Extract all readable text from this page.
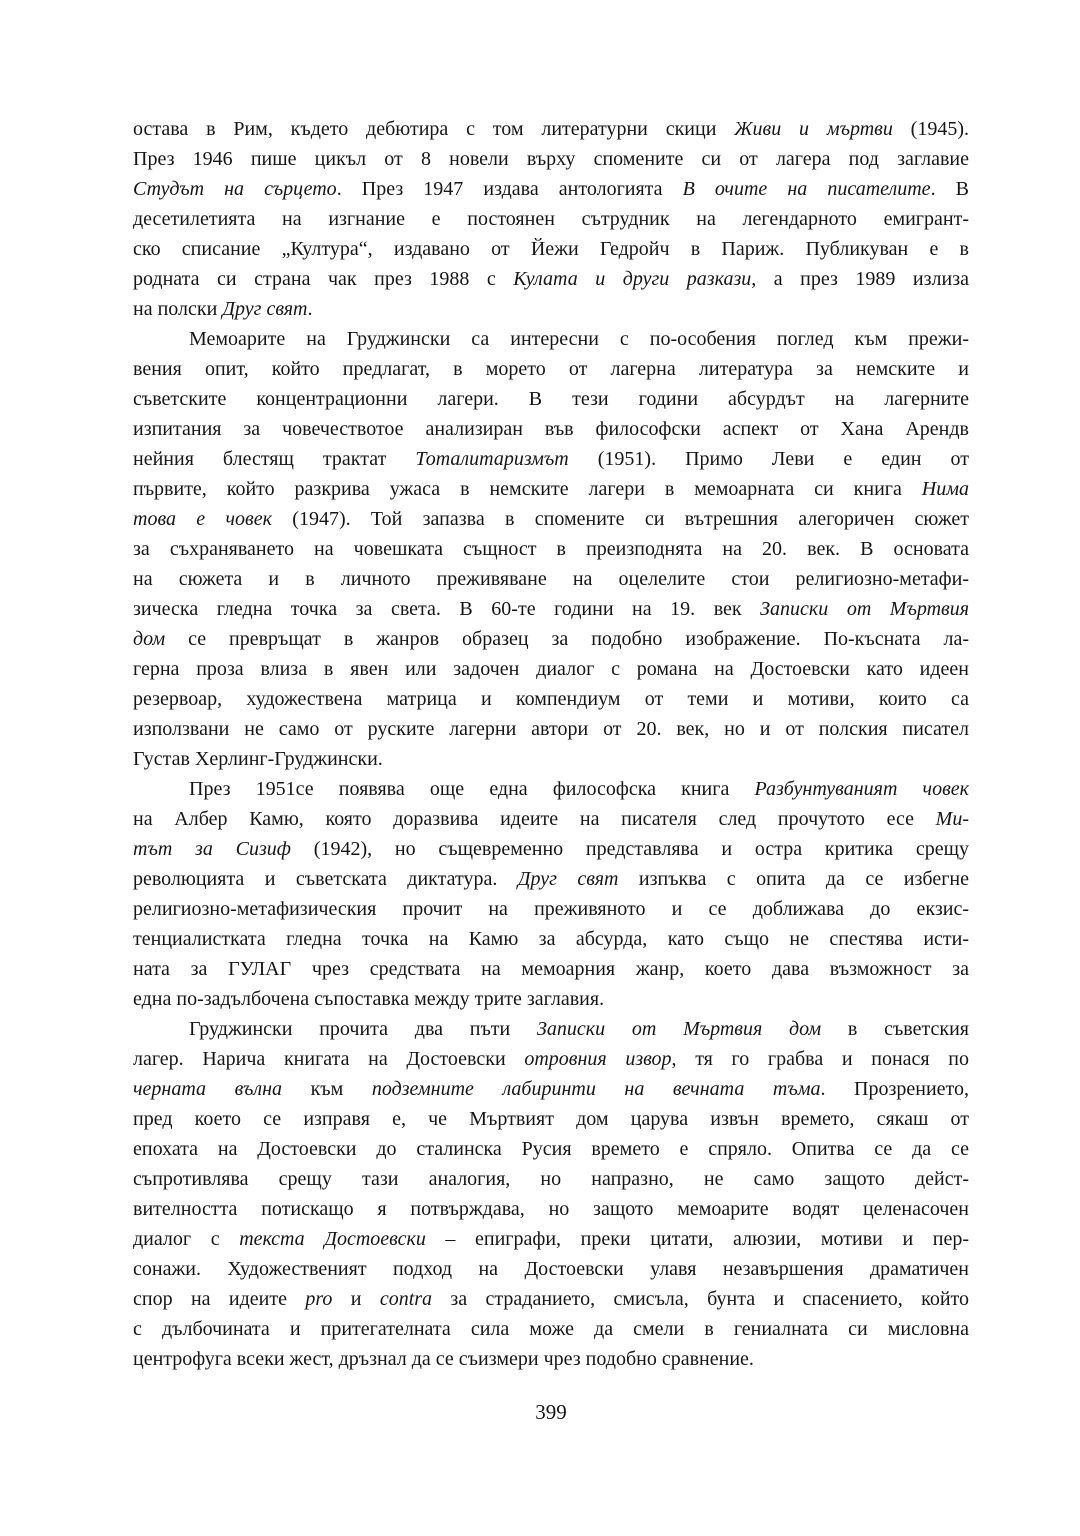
остава в Рим, където дебютира с том литературни скици Живи и мъртви (1945).
През 1946 пише цикъл от 8 новели върху спомените си от лагера под заглавие
Студът на сърцето. През 1947 издава антологията В очите на писателите. В
десетилетията на изгнание е постоянен сътрудник на легендарното емигрант-
ско списание „Култура“, издавано от Йежи Гедройч в Париж. Публикуван е в
родната си страна чак през 1988 с Кулата и други разкази, а през 1989 излиза
на полски Друг свят.
Мемоарите на Груджински са интересни с по-особения поглед към прежи-
вения опит, който предлагат, в морето от лагерна литература за немските и
съветските концентрационни лагери. В тези години абсурдът на лагерните
изпитания за човечествотое анализиран във философски аспект от Хана Арендв
нейния блестящ трактат Тоталитаризмът (1951). Примо Леви е един от
първите, който разкрива ужаса в немските лагери в мемоарната си книга Нима
това е човек (1947). Той запазва в спомените си вътрешния алегоричен сюжет
за съхраняването на човешката същност в преизподнята на 20. век. В основата
на сюжета и в личното преживяване на оцелелите стои религиозно-метафи-
зическа гледна точка за света. В 60-те години на 19. век Записки от Мъртвия
дом се превръщат в жанров образец за подобно изображение. По-късната ла-
герна проза влиза в явен или задочен диалог с романа на Достоевски като идеен
резервоар, художествена матрица и компендиум от теми и мотиви, които са
използвани не само от руските лагерни автори от 20. век, но и от полския писател
Густав Херлинг-Груджински.
През 1951се появява още една философска книга Разбунтуваният човек
на Албер Камю, която доразвива идеите на писателя след прочутото есе Ми-
тът за Сизиф (1942), но същевременно представлява и остра критика срещу
революцията и съветската диктатура. Друг свят изпъква с опита да се избегне
религиозно-метафизическия прочит на преживяното и се доближава до екзис-
тенциалистката гледна точка на Камю за абсурда, като също не спестява исти-
ната за ГУЛАГ чрез средствата на мемоарния жанр, което дава възможност за
една по-задълбочена съпоставка между трите заглавия.
Груджински прочита два пъти Записки от Мъртвия дом в съветския
лагер. Нарича книгата на Достоевски отровния извор, тя го грабва и понася по
черната вълна към подземните лабиринти на вечната тъма. Прозрението,
пред което се изправя е, че Мъртвият дом царува извън времето, сякаш от
епохата на Достоевски до сталинска Русия времето е спряло. Опитва се да се
съпротивлява срещу тази аналогия, но напразно, не само защото дейст-
вителността потискащо я потвърждава, но защото мемоарите водят целенасочен
диалог с текста Достоевски – епиграфи, преки цитати, алюзии, мотиви и пер-
сонажи. Художественият подход на Достоевски улавя незавършения драматичен
спор на идеите pro и contra за страданието, смисъла, бунта и спасението, който
с дълбочината и притегателната сила може да смели в гениалната си мисловна
центрофуга всеки жест, дръзнал да се съизмери чрез подобно сравнение.
399
